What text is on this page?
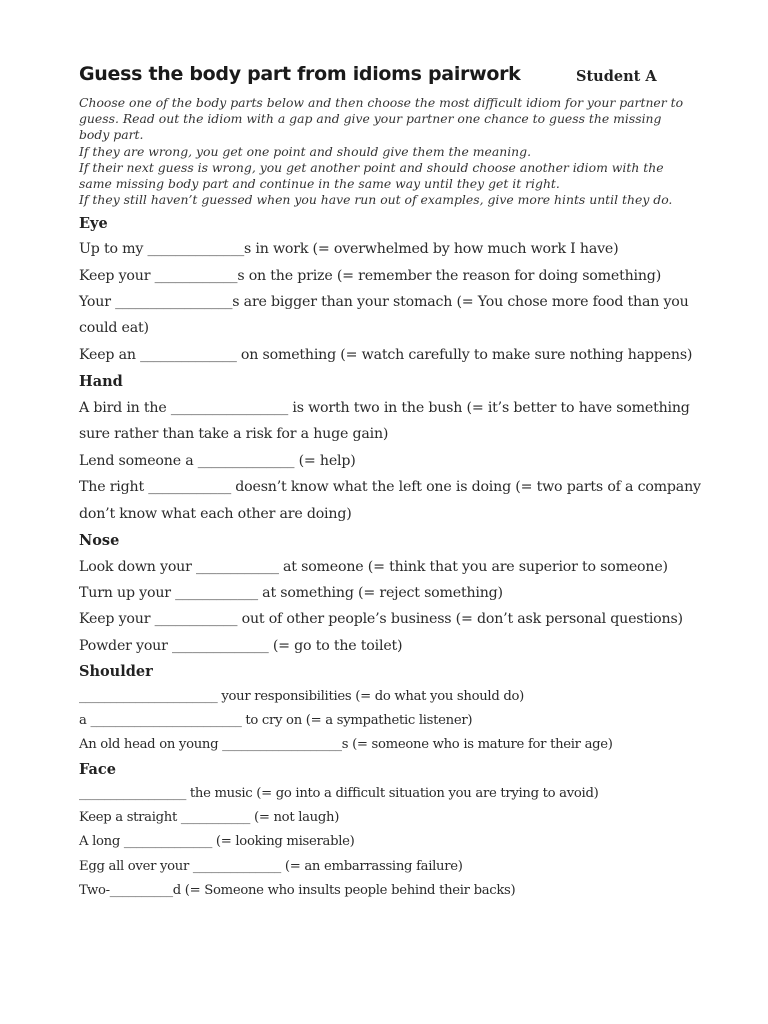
Guess the body part from idioms pairwork	Student A

Choose one of the body parts below and then choose the most difficult idiom for your partner to guess. Read out the idiom with a gap and give your partner one chance to guess the missing body part.

If they are wrong, you get one point and should give them the meaning.

If their next guess is wrong, you get another point and should choose another idiom with the same missing body part and continue in the same way until they get it right.

If they still haven’t guessed when you have run out of examples, give more hints until they do.

Eye
Up to my ______________s in work (= overwhelmed by how much work I have)
Keep your ____________s on the prize (= remember the reason for doing something)
Your _________________s are bigger than your stomach (= You chose more food than you
could eat)
Keep an ______________ on something (= watch carefully to make sure nothing happens)
Hand
A bird in the _________________ is worth two in the bush (= it’s better to have something
sure rather than take a risk for a huge gain)
Lend someone a ______________ (= help)
The right ____________ doesn’t know what the left one is doing (= two parts of a company
don’t know what each other are doing)
Nose
Look down your ____________ at someone (= think that you are superior to someone)
Turn up your ____________ at something (= reject something)
Keep your ____________ out of other people’s business (= don’t ask personal questions)
Powder your ______________ (= go to the toilet)
Shoulder
______________________ your responsibilities (= do what you should do)
a ________________________ to cry on (= a sympathetic listener)
An old head on young ___________________s (= someone who is mature for their age)
Face
_________________ the music (= go into a difficult situation you are trying to avoid)
Keep a straight ___________ (= not laugh)
A long ______________ (= looking miserable)
Egg all over your ______________ (= an embarrassing failure)
Two-__________d (= Someone who insults people behind their backs)
